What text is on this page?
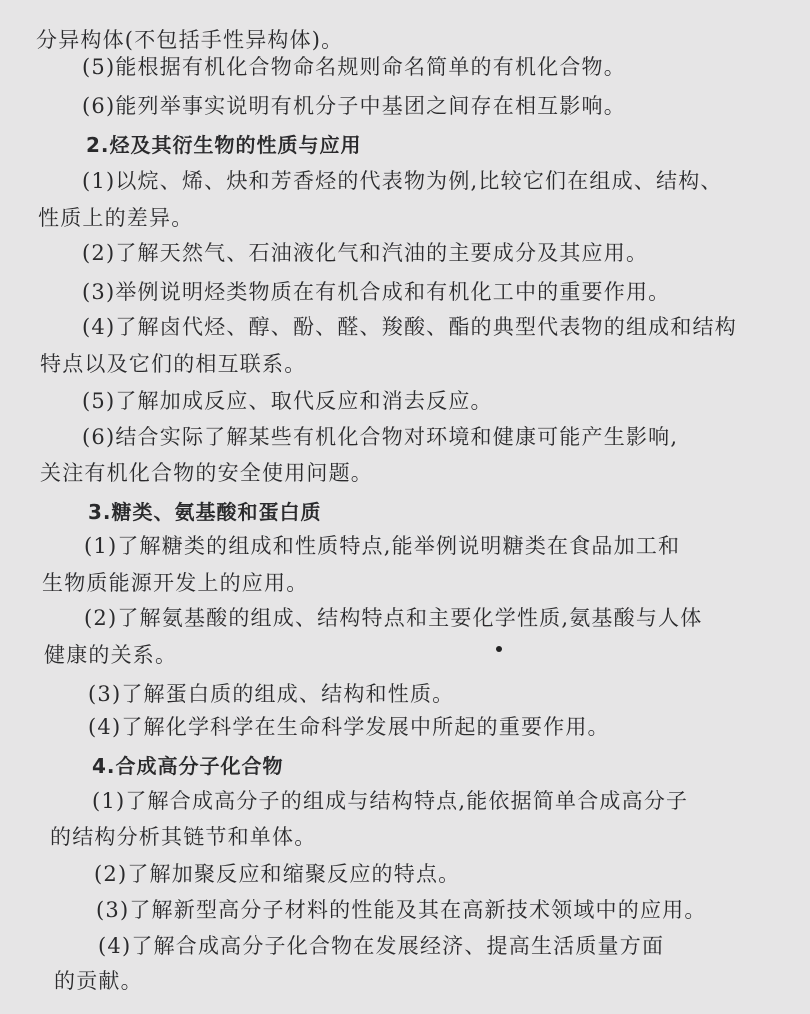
分异构体(不包括手性异构体)。
(5)能根据有机化合物命名规则命名简单的有机化合物。
(6)能列举事实说明有机分子中基团之间存在相互影响。
2.烃及其衍生物的性质与应用
(1)以烷、烯、炔和芳香烃的代表物为例,比较它们在组成、结构、
性质上的差异。
(2)了解天然气、石油液化气和汽油的主要成分及其应用。
(3)举例说明烃类物质在有机合成和有机化工中的重要作用。
(4)了解卤代烃、醇、酚、醛、羧酸、酯的典型代表物的组成和结构
特点以及它们的相互联系。
(5)了解加成反应、取代反应和消去反应。
(6)结合实际了解某些有机化合物对环境和健康可能产生影响,
关注有机化合物的安全使用问题。
3.糖类、氨基酸和蛋白质
(1)了解糖类的组成和性质特点,能举例说明糖类在食品加工和
生物质能源开发上的应用。
(2)了解氨基酸的组成、结构特点和主要化学性质,氨基酸与人体
健康的关系。
(3)了解蛋白质的组成、结构和性质。
(4)了解化学科学在生命科学发展中所起的重要作用。
4.合成高分子化合物
(1)了解合成高分子的组成与结构特点,能依据简单合成高分子
的结构分析其链节和单体。
(2)了解加聚反应和缩聚反应的特点。
(3)了解新型高分子材料的性能及其在高新技术领域中的应用。
(4)了解合成高分子化合物在发展经济、提高生活质量方面
的贡献。
